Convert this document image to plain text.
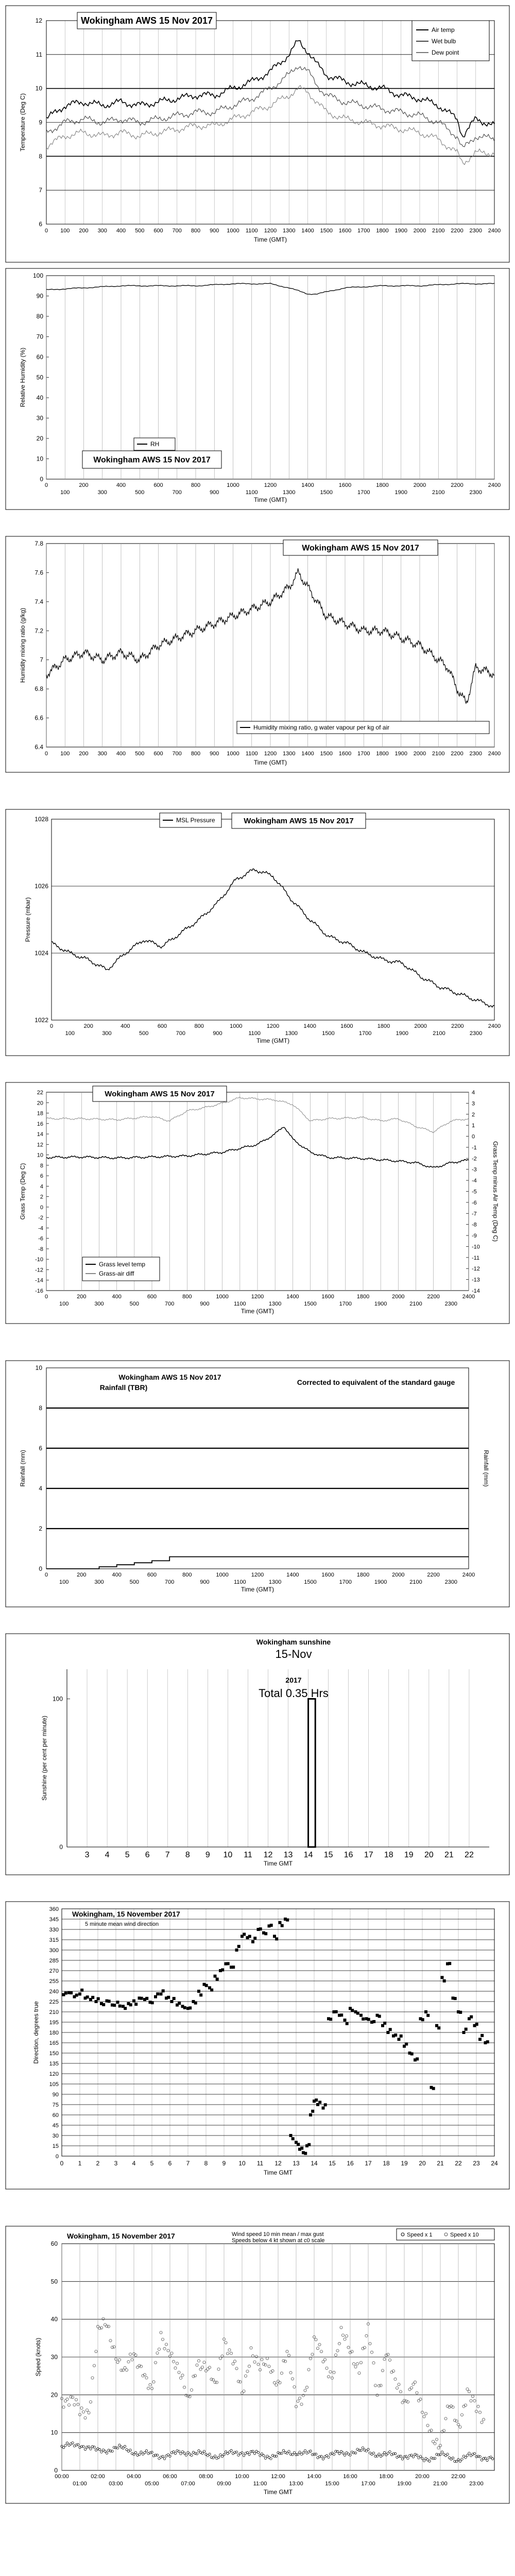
6
7
8
9
10
11
12
0 100 200 300 400 500 600 700 800 900 1000 1100 1200 1300 1400 1500 1600 1700 1800 1900 2000 2100 2200 2300 2400
Time (GMT)
Temperature (Deg C)
Wokingham AWS 15 Nov 2017
Air temp
Wet bulb
Dew point
0
10
20
30
40
50
60
70
80
90
100
0	200	400	600	800	1000	1200	1400	1600	1800	2000	2200	2400
100	300	500	700	900	1100	1300	1500	1700	1900	2100	2300
Time (GMT)
Relative Humidity (%)
Wokingham AWS 15 Nov 2017
RH
6.4
6.6
6.8
7
7.2
7.4
7.6
7.8
0 100 200 300 400 500 600 700 800 900 1000 1100 1200 1300 1400 1500 1600 1700 1800 1900 2000 2100 2200 2300 2400
Time (GMT)
Humidity mixing ratio (g/kg)
Wokingham AWS 15 Nov 2017
Humidity mixing ratio, g water vapour per kg of air
1022
1024
1026
1028
0	200	400	600	800	1000	1200	1400	1600	1800	2000	2200	2400
100	300	500	700	900	1100	1300	1500	1700	1900	2100	2300
Time (GMT)
Pressure (mbar)
Wokingham AWS 15 Nov 2017
MSL Pressure
-16
-14
-12
-10
-8
-6
-4
-2
0
2
4
6
8
10
12
14
16
18
20
22
-14
-13
-12
-11
-10
-9
-8
-7
-6
-5
-4
-3
-2
-1
0
1
2
3
4
0	200	400	600	800	1000	1200	1400	1600	1800	2000	2200	2400
100	300	500	700	900	1100	1300	1500	1700	1900	2100	2300
Time (GMT)
Grass Temp (Deg C)	Grass Temp minus Air Temp (Deg C)
Wokingham AWS 15 Nov 2017
Grass level temp
Grass-air diff
0
2
4
6
8
10
0	200	400	600	800	1000	1200	1400	1600	1800	2000	2200	2400
100	300	500	700	900	1100	1300	1500	1700	1900	2100	2300
Time (GMT)
Rainfall (mm)	Rainfall (mm)
Wokingham AWS 15 Nov 2017
Rainfall (TBR)
Corrected to equivalent of the standard gauge
3 4 5 6 7 8 9 10 11 12 13 14 15 16 17 18 19 20 21 22
0
100
Time GMT
Sunshine (per cent per minute)
Wokingham sunshine
15-Nov
2017
Total 0.35 Hrs
0 1 2 3 4 5 6 7 8 9 10 11 12 13 14 15 16 17 18 19 20 21 22 23 24
0
15
30
45
60
75
90
105
120
135
150
165
180
195
210
225
240
255
270
285
300
315
330
345
360
Time GMT
Direction, degrees true
Wokingham, 15 November 2017
5 minute mean wind direction
0
10
20
30
40
50
60
00:00	02:00	04:00	06:00	08:00	10:00	12:00	14:00	16:00	18:00	20:00	22:00
01:00	03:00	05:00	07:00	09:00	11:00	13:00	15:00	17:00	19:00	21:00	23:00
Time GMT
Speed (knots)
Wokingham, 15 November 2017	Wind speed 10 min mean / max gust
Speeds below 4 kt shown at c0 scale
Speed x 1	Speed x 10
